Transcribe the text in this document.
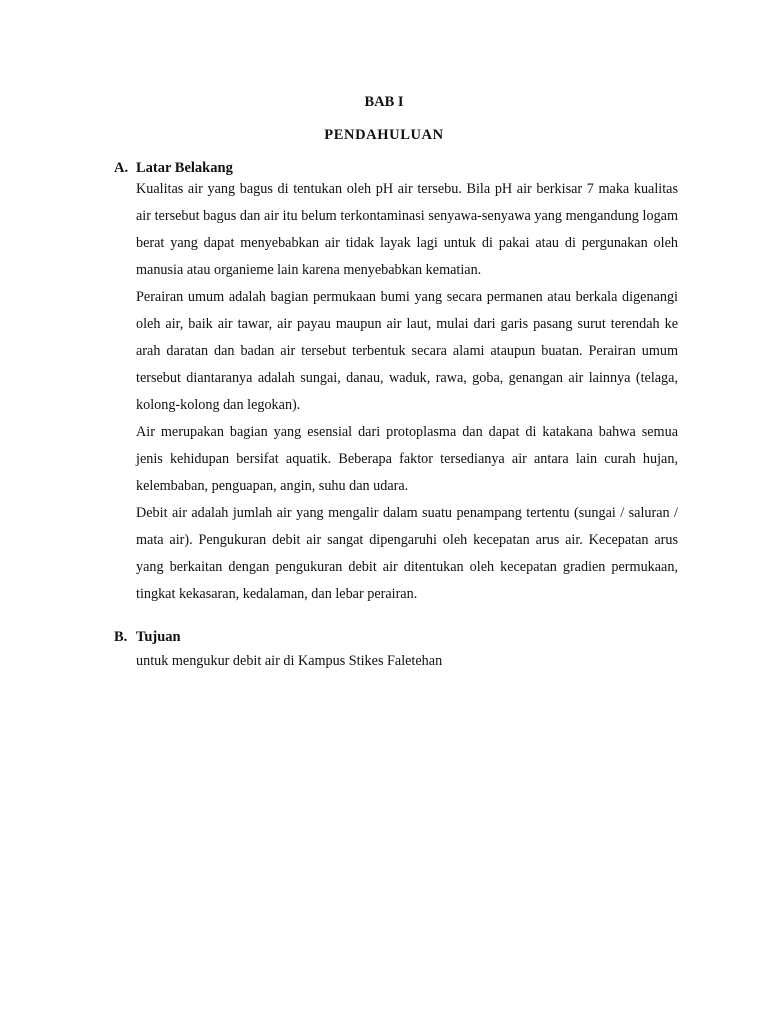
BAB I
PENDAHULUAN
A. Latar Belakang

Kualitas air yang bagus di tentukan oleh pH air tersebu. Bila pH air berkisar 7 maka kualitas air tersebut bagus dan air itu belum terkontaminasi senyawa-senyawa yang mengandung logam berat yang dapat menyebabkan air tidak layak lagi untuk di pakai atau di pergunakan oleh manusia atau organieme lain karena menyebabkan kematian.

Perairan umum adalah bagian permukaan bumi yang secara permanen atau berkala digenangi oleh air, baik air tawar, air payau maupun air laut, mulai dari garis pasang surut terendah ke arah daratan dan badan air tersebut terbentuk secara alami ataupun buatan. Perairan umum tersebut diantaranya adalah sungai, danau, waduk, rawa, goba, genangan air lainnya (telaga, kolong-kolong dan legokan).

Air merupakan bagian yang esensial dari protoplasma dan dapat di katakana bahwa semua jenis kehidupan bersifat aquatik. Beberapa faktor tersedianya air antara lain curah hujan, kelembaban, penguapan, angin, suhu dan udara.

Debit air adalah jumlah air yang mengalir dalam suatu penampang tertentu (sungai / saluran / mata air). Pengukuran debit air sangat dipengaruhi oleh kecepatan arus air. Kecepatan arus yang berkaitan dengan pengukuran debit air ditentukan oleh kecepatan gradien permukaan, tingkat kekasaran, kedalaman, dan lebar perairan.

B. Tujuan

untuk mengukur debit air di Kampus Stikes Faletehan
